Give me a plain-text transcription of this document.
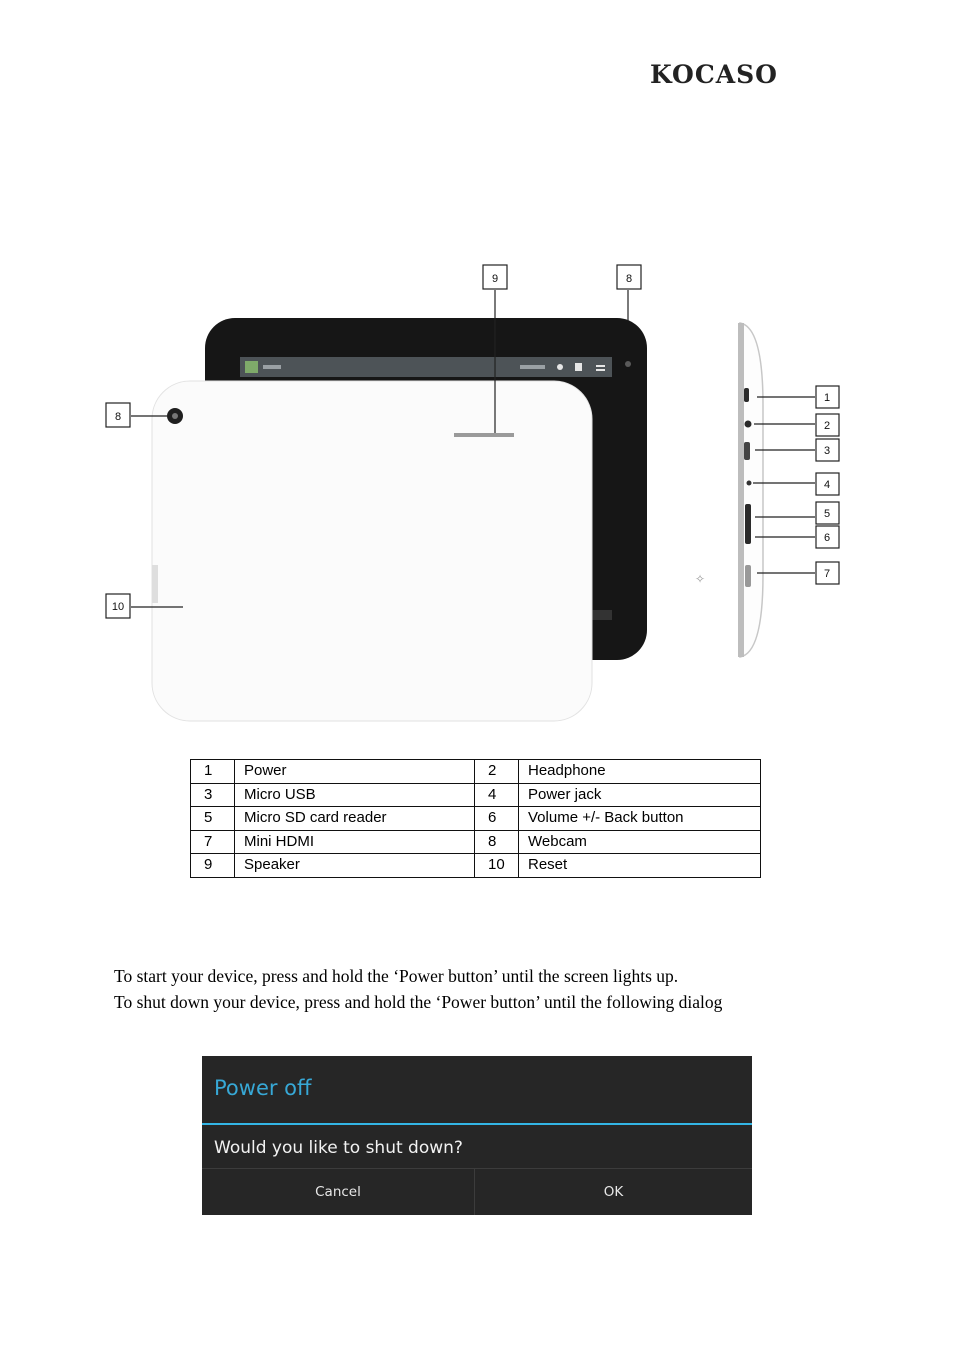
KOCASO
9	8
8
10
1
2
3
4
5
6
7
✧
1	Power	2	Headphone
3	Micro USB	4	Power jack
5	Micro SD card reader	6	Volume +/- Back button
7	Mini HDMI	8	Webcam
9	Speaker	10	Reset

To start your device, press and hold the ‘Power button’ until the screen lights up.

To shut down your device, press and hold the ‘Power button’ until the following dialog

Power off
Would you like to shut down?
Cancel	OK
